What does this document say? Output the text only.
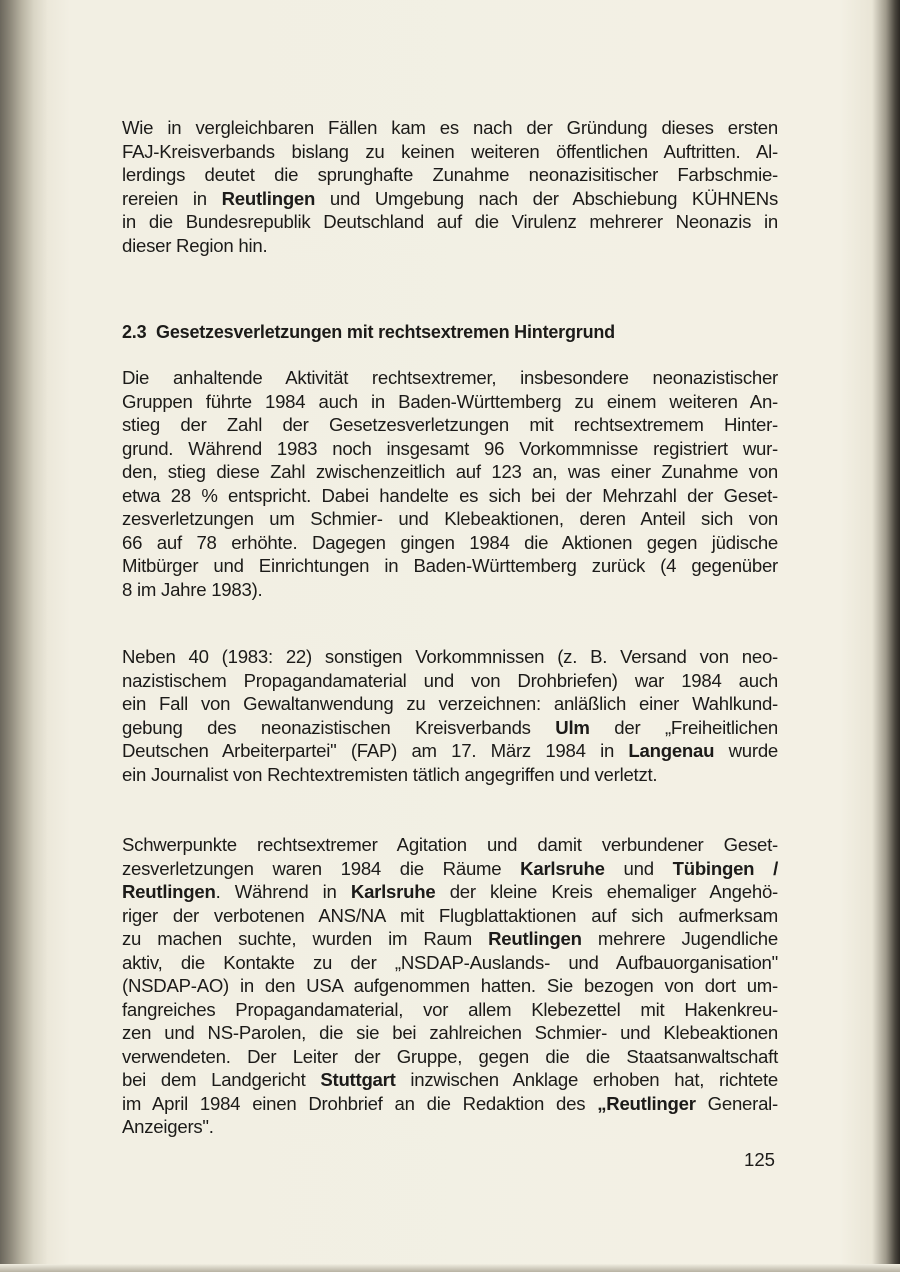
Wie in vergleichbaren Fällen kam es nach der Gründung dieses ersten
FAJ-Kreisverbands bislang zu keinen weiteren öffentlichen Auftritten. Al-
lerdings deutet die sprunghafte Zunahme neonazisitischer Farbschmie-
rereien in Reutlingen und Umgebung nach der Abschiebung KÜHNENs
in die Bundesrepublik Deutschland auf die Virulenz mehrerer Neonazis in
dieser Region hin.
2.3  Gesetzesverletzungen mit rechtsextremen Hintergrund
Die anhaltende Aktivität rechtsextremer, insbesondere neonazistischer
Gruppen führte 1984 auch in Baden-Württemberg zu einem weiteren An-
stieg der Zahl der Gesetzesverletzungen mit rechtsextremem Hinter-
grund. Während 1983 noch insgesamt 96 Vorkommnisse registriert wur-
den, stieg diese Zahl zwischenzeitlich auf 123 an, was einer Zunahme von
etwa 28 % entspricht. Dabei handelte es sich bei der Mehrzahl der Geset-
zesverletzungen um Schmier- und Klebeaktionen, deren Anteil sich von
66 auf 78 erhöhte. Dagegen gingen 1984 die Aktionen gegen jüdische
Mitbürger und Einrichtungen in Baden-Württemberg zurück (4 gegenüber
8 im Jahre 1983).
Neben 40 (1983: 22) sonstigen Vorkommnissen (z. B. Versand von neo-
nazistischem Propagandamaterial und von Drohbriefen) war 1984 auch
ein Fall von Gewaltanwendung zu verzeichnen: anläßlich einer Wahlkund-
gebung des neonazistischen Kreisverbands Ulm der „Freiheitlichen
Deutschen Arbeiterpartei" (FAP) am 17. März 1984 in Langenau wurde
ein Journalist von Rechtextremisten tätlich angegriffen und verletzt.
Schwerpunkte rechtsextremer Agitation und damit verbundener Geset-
zesverletzungen waren 1984 die Räume Karlsruhe und Tübingen /
Reutlingen. Während in Karlsruhe der kleine Kreis ehemaliger Angehö-
riger der verbotenen ANS/NA mit Flugblattaktionen auf sich aufmerksam
zu machen suchte, wurden im Raum Reutlingen mehrere Jugendliche
aktiv, die Kontakte zu der „NSDAP-Auslands- und Aufbauorganisation"
(NSDAP-AO) in den USA aufgenommen hatten. Sie bezogen von dort um-
fangreiches Propagandamaterial, vor allem Klebezettel mit Hakenkreu-
zen und NS-Parolen, die sie bei zahlreichen Schmier- und Klebeaktionen
verwendeten. Der Leiter der Gruppe, gegen die die Staatsanwaltschaft
bei dem Landgericht Stuttgart inzwischen Anklage erhoben hat, richtete
im April 1984 einen Drohbrief an die Redaktion des „Reutlinger General-
Anzeigers".
125
